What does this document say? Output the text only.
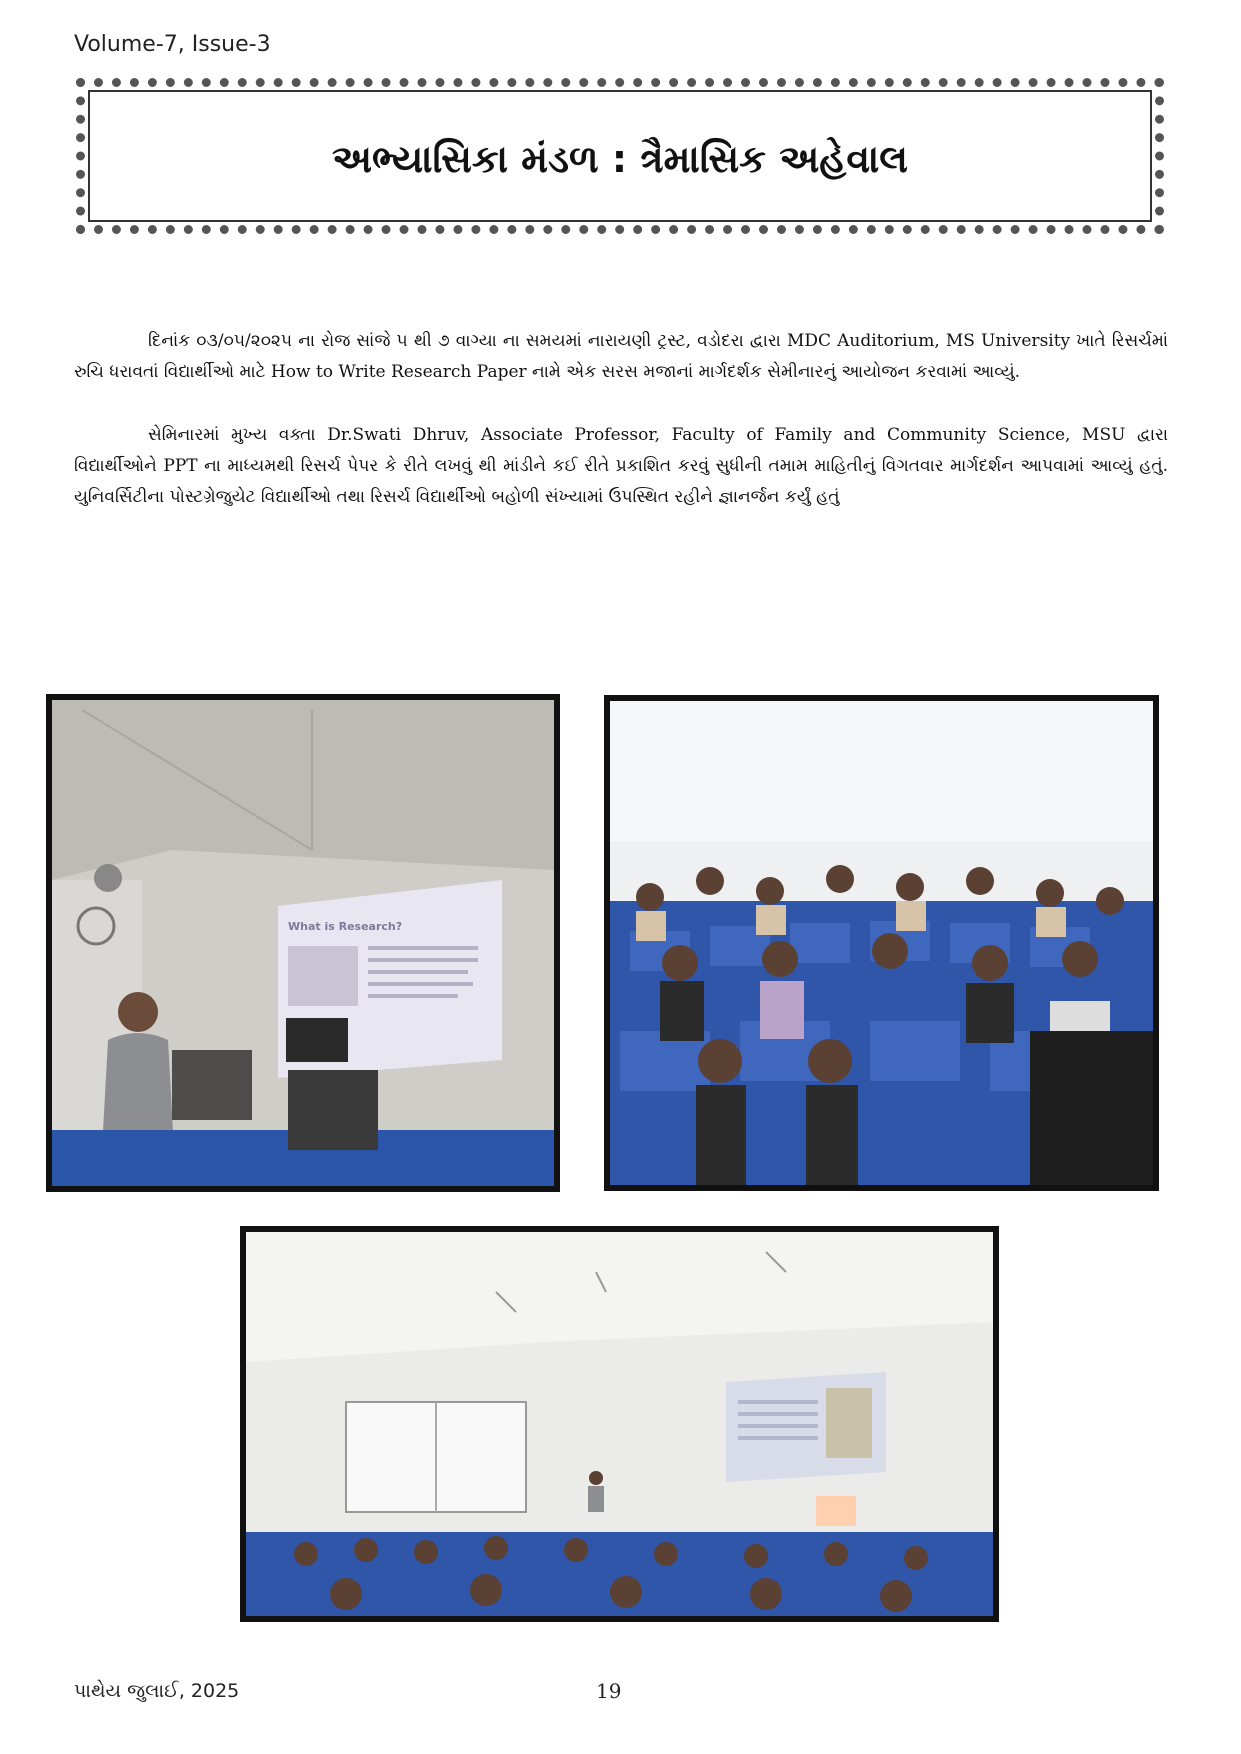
Volume-7, Issue-3
અભ્યાસિકા મંડળ : ત્રૈમાસિક અહેવાલ

દિનાંક ૦૩/૦૫/૨૦૨૫ ના રોજ સાંજે ૫ થી ૭ વાગ્યા ના સમયમાં નારાયણી ટ્રસ્ટ, વડોદરા દ્વારા MDC Auditorium, MS University ખાતે રિસર્ચમાં રુચિ ધરાવતાં વિદ્યાર્થીઓ માટે How to Write Research Paper નામે એક સરસ મજાનાં માર્ગદર્શક સેમીનારનું આયોજન કરવામાં આવ્યું.

સેમિનારમાં મુખ્ય વક્તા Dr.Swati Dhruv, Associate Professor, Faculty of Family and Community Science, MSU દ્વારા વિદ્યાર્થીઓને PPT ના માધ્યમથી રિસર્ચ પેપર કે રીતે લખવું થી માંડીને કઈ રીતે પ્રકાશિત કરવું સુધીની તમામ માહિતીનું વિગતવાર માર્ગદર્શન આપવામાં આવ્યું હતું. યુનિવર્સિટીના પોસ્ટગ્રેજુયેટ વિદ્યાર્થીઓ તથા રિસર્ચ વિદ્યાર્થીઓ બહોળી સંખ્યામાં ઉપસ્થિત રહીને જ્ઞાનર્જન કર્યું હતું

What is Research?
પાથેય જુલાઈ, 2025	19
